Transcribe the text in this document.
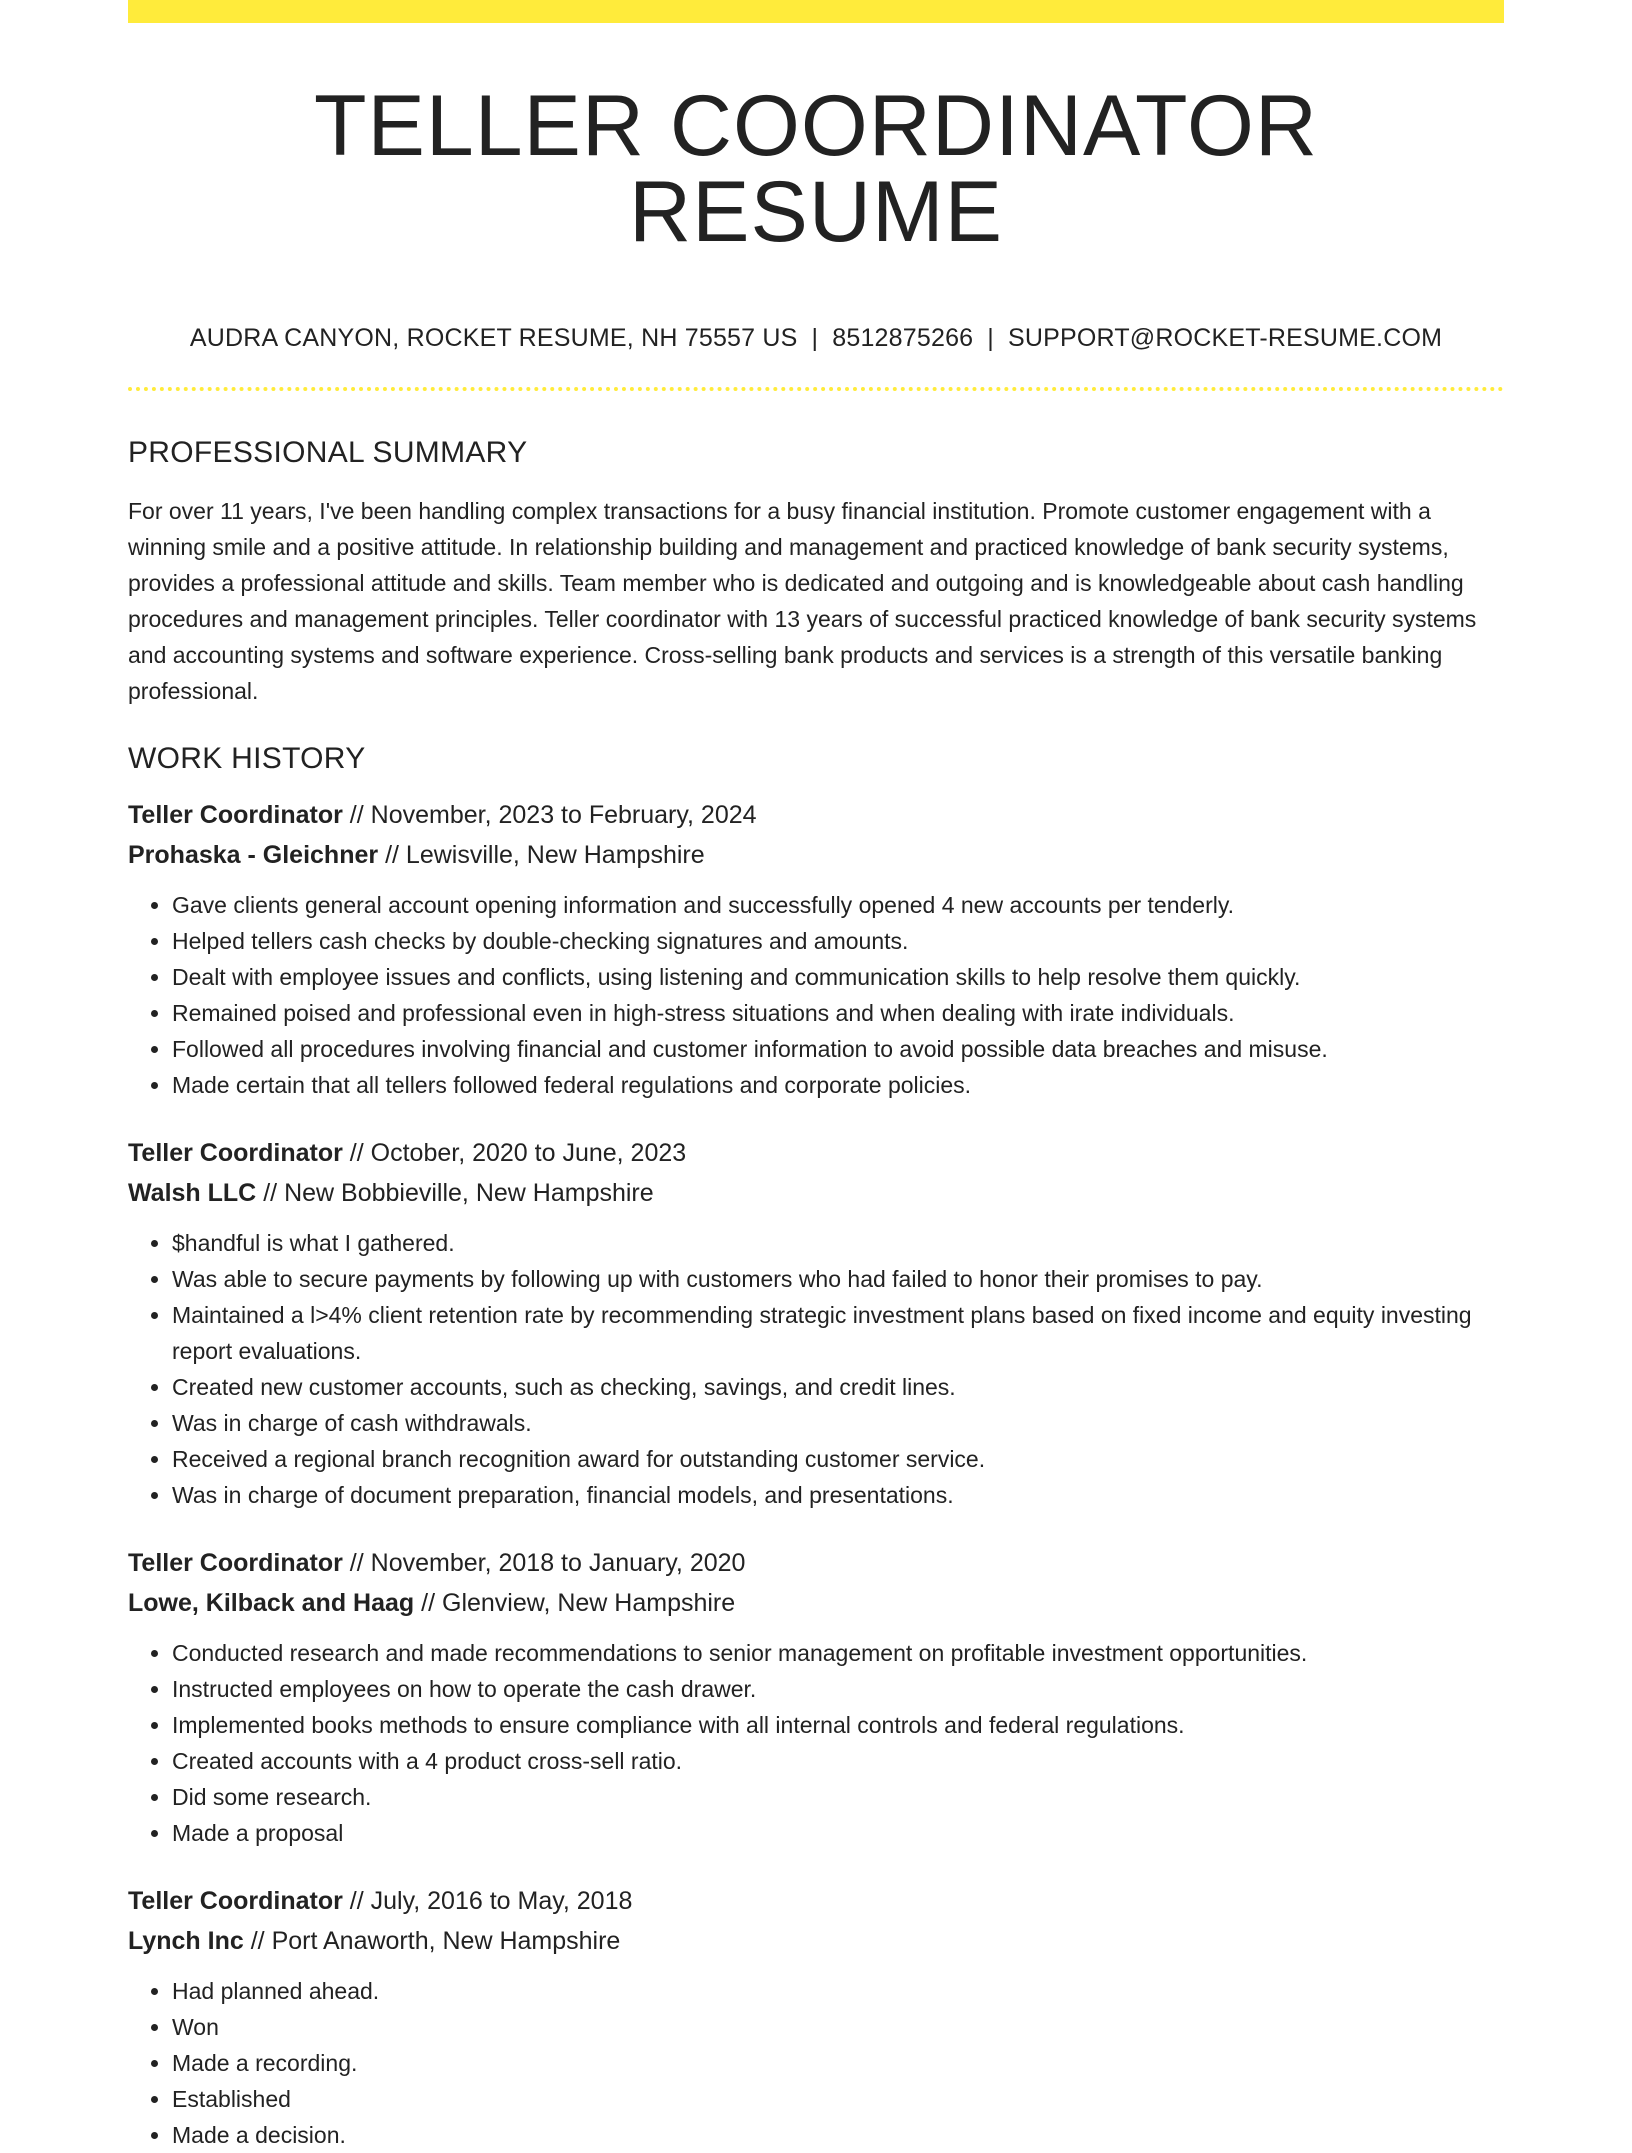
TELLER COORDINATOR RESUME
AUDRA CANYON, ROCKET RESUME, NH 75557 US | 8512875266 | SUPPORT@ROCKET-RESUME.COM
PROFESSIONAL SUMMARY

For over 11 years, I've been handling complex transactions for a busy financial institution. Promote customer engagement with a winning smile and a positive attitude. In relationship building and management and practiced knowledge of bank security systems, provides a professional attitude and skills. Team member who is dedicated and outgoing and is knowledgeable about cash handling procedures and management principles. Teller coordinator with 13 years of successful practiced knowledge of bank security systems and accounting systems and software experience. Cross-selling bank products and services is a strength of this versatile banking professional.

WORK HISTORY
Teller Coordinator // November, 2023 to February, 2024
Prohaska - Gleichner // Lewisville, New Hampshire
• Gave clients general account opening information and successfully opened 4 new accounts per tenderly.
• Helped tellers cash checks by double-checking signatures and amounts.
• Dealt with employee issues and conflicts, using listening and communication skills to help resolve them quickly.
• Remained poised and professional even in high-stress situations and when dealing with irate individuals.
• Followed all procedures involving financial and customer information to avoid possible data breaches and misuse.
• Made certain that all tellers followed federal regulations and corporate policies.
Teller Coordinator // October, 2020 to June, 2023
Walsh LLC // New Bobbieville, New Hampshire
• $handful is what I gathered.
• Was able to secure payments by following up with customers who had failed to honor their promises to pay.
• Maintained a l>4% client retention rate by recommending strategic investment plans based on fixed income and equity investing report evaluations.
• Created new customer accounts, such as checking, savings, and credit lines.
• Was in charge of cash withdrawals.
• Received a regional branch recognition award for outstanding customer service.
• Was in charge of document preparation, financial models, and presentations.
Teller Coordinator // November, 2018 to January, 2020
Lowe, Kilback and Haag // Glenview, New Hampshire
• Conducted research and made recommendations to senior management on profitable investment opportunities.
• Instructed employees on how to operate the cash drawer.
• Implemented books methods to ensure compliance with all internal controls and federal regulations.
• Created accounts with a 4 product cross-sell ratio.
• Did some research.
• Made a proposal
Teller Coordinator // July, 2016 to May, 2018
Lynch Inc // Port Anaworth, New Hampshire
• Had planned ahead.
• Won
• Made a recording.
• Established
• Made a decision.
